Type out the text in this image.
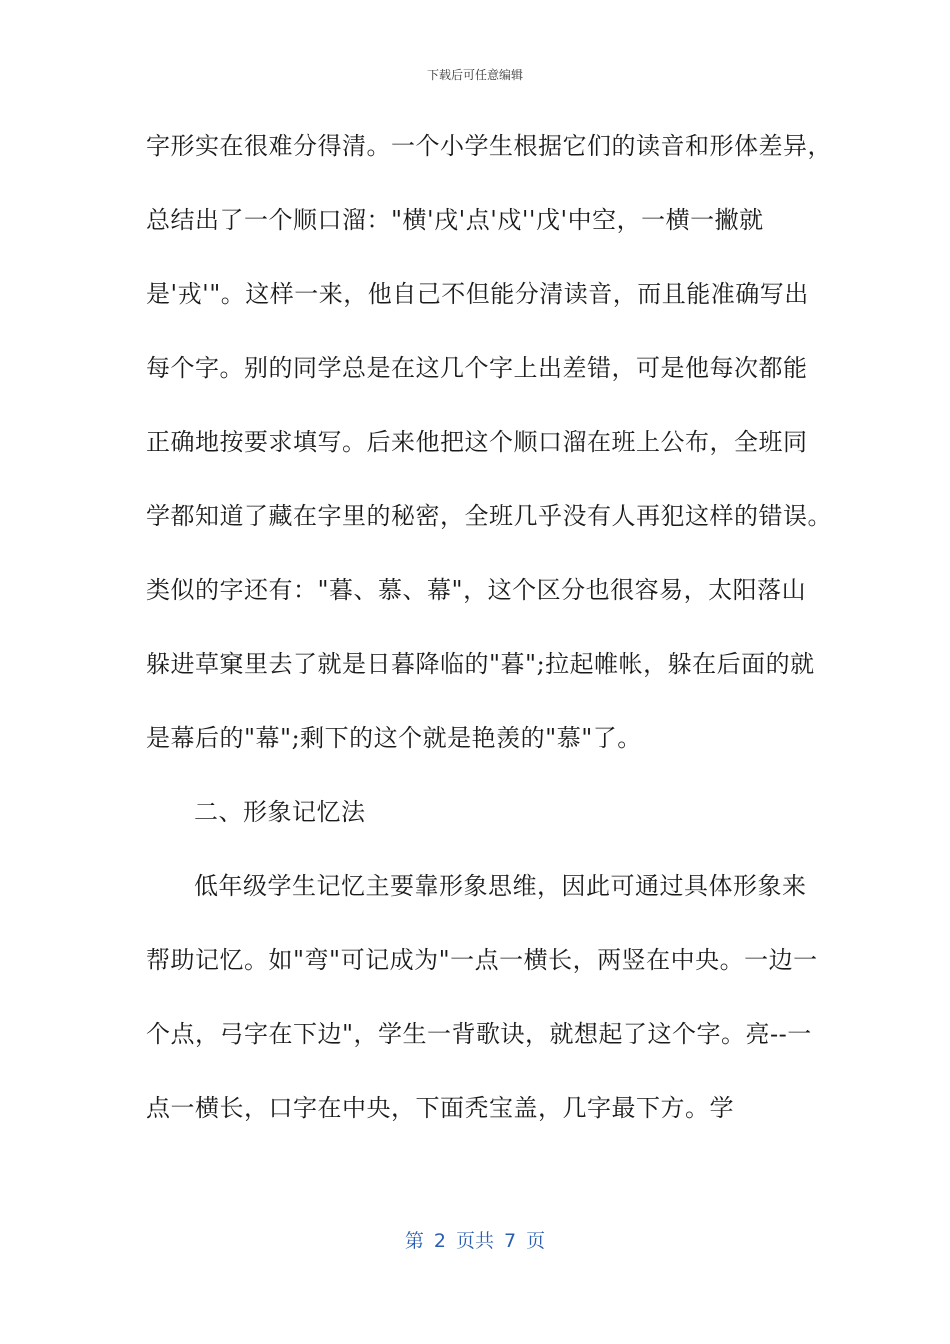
下载后可任意编辑
字形实在很难分得清。一个小学生根据它们的读音和形体差异，
总结出了一个顺口溜："横'戌'点'戍''戊'中空，一横一撇就
是'戎'"。这样一来，他自己不但能分清读音，而且能准确写出
每个字。别的同学总是在这几个字上出差错，可是他每次都能
正确地按要求填写。后来他把这个顺口溜在班上公布，全班同
学都知道了藏在字里的秘密，全班几乎没有人再犯这样的错误。
类似的字还有："暮、慕、幕"，这个区分也很容易，太阳落山
躲进草窠里去了就是日暮降临的"暮";拉起帷帐，躲在后面的就
是幕后的"幕";剩下的这个就是艳羡的"慕"了。
二、形象记忆法
低年级学生记忆主要靠形象思维，因此可通过具体形象来
帮助记忆。如"弯"可记成为"一点一横长，两竖在中央。一边一
个点，弓字在下边"，学生一背歌诀，就想起了这个字。亮--一
点一横长，口字在中央，下面秃宝盖，几字最下方。学
第 2 页共 7 页
